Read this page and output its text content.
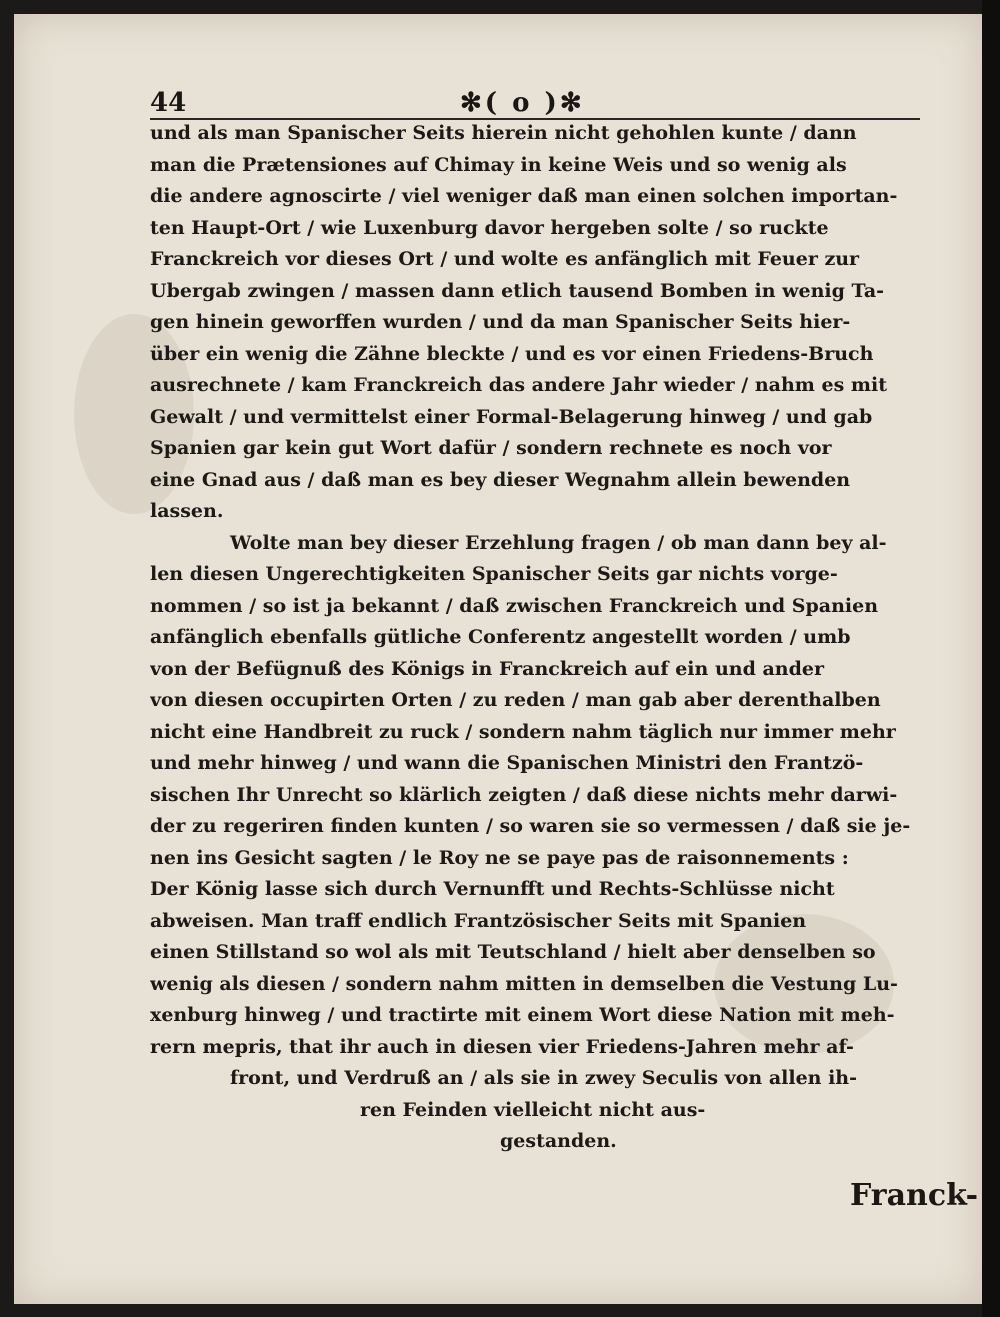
44	✻( o )✻
und als man Spanischer Seits hierein nicht gehohlen kunte / dann
man die Prætensiones auf Chimay in keine Weis und so wenig als
die andere agnoscirte / viel weniger daß man einen solchen importan-
ten Haupt-Ort / wie Luxenburg davor hergeben solte / so ruckte
Franckreich vor dieses Ort / und wolte es anfänglich mit Feuer zur
Ubergab zwingen / massen dann etlich tausend Bomben in wenig Ta-
gen hinein geworffen wurden / und da man Spanischer Seits hier-
über ein wenig die Zähne bleckte / und es vor einen Friedens-Bruch
ausrechnete / kam Franckreich das andere Jahr wieder / nahm es mit
Gewalt / und vermittelst einer Formal-Belagerung hinweg / und gab
Spanien gar kein gut Wort dafür / sondern rechnete es noch vor
eine Gnad aus / daß man es bey dieser Wegnahm allein bewenden
lassen.
Wolte man bey dieser Erzehlung fragen / ob man dann bey al-
len diesen Ungerechtigkeiten Spanischer Seits gar nichts vorge-
nommen / so ist ja bekannt / daß zwischen Franckreich und Spanien
anfänglich ebenfalls gütliche Conferentz angestellt worden / umb
von der Befügnuß des Königs in Franckreich auf ein und ander
von diesen occupirten Orten / zu reden / man gab aber derenthalben
nicht eine Handbreit zu ruck / sondern nahm täglich nur immer mehr
und mehr hinweg / und wann die Spanischen Ministri den Frantzö-
sischen Ihr Unrecht so klärlich zeigten / daß diese nichts mehr darwi-
der zu regeriren finden kunten / so waren sie so vermessen / daß sie je-
nen ins Gesicht sagten / le Roy ne se paye pas de raisonnements :
Der König lasse sich durch Vernunfft und Rechts-Schlüsse nicht
abweisen. Man traff endlich Frantzösischer Seits mit Spanien
einen Stillstand so wol als mit Teutschland / hielt aber denselben so
wenig als diesen / sondern nahm mitten in demselben die Vestung Lu-
xenburg hinweg / und tractirte mit einem Wort diese Nation mit meh-
rern mepris, that ihr auch in diesen vier Friedens-Jahren mehr af-
front, und Verdruß an / als sie in zwey Seculis von allen ih-
ren Feinden vielleicht nicht aus-
gestanden.
Franck-
